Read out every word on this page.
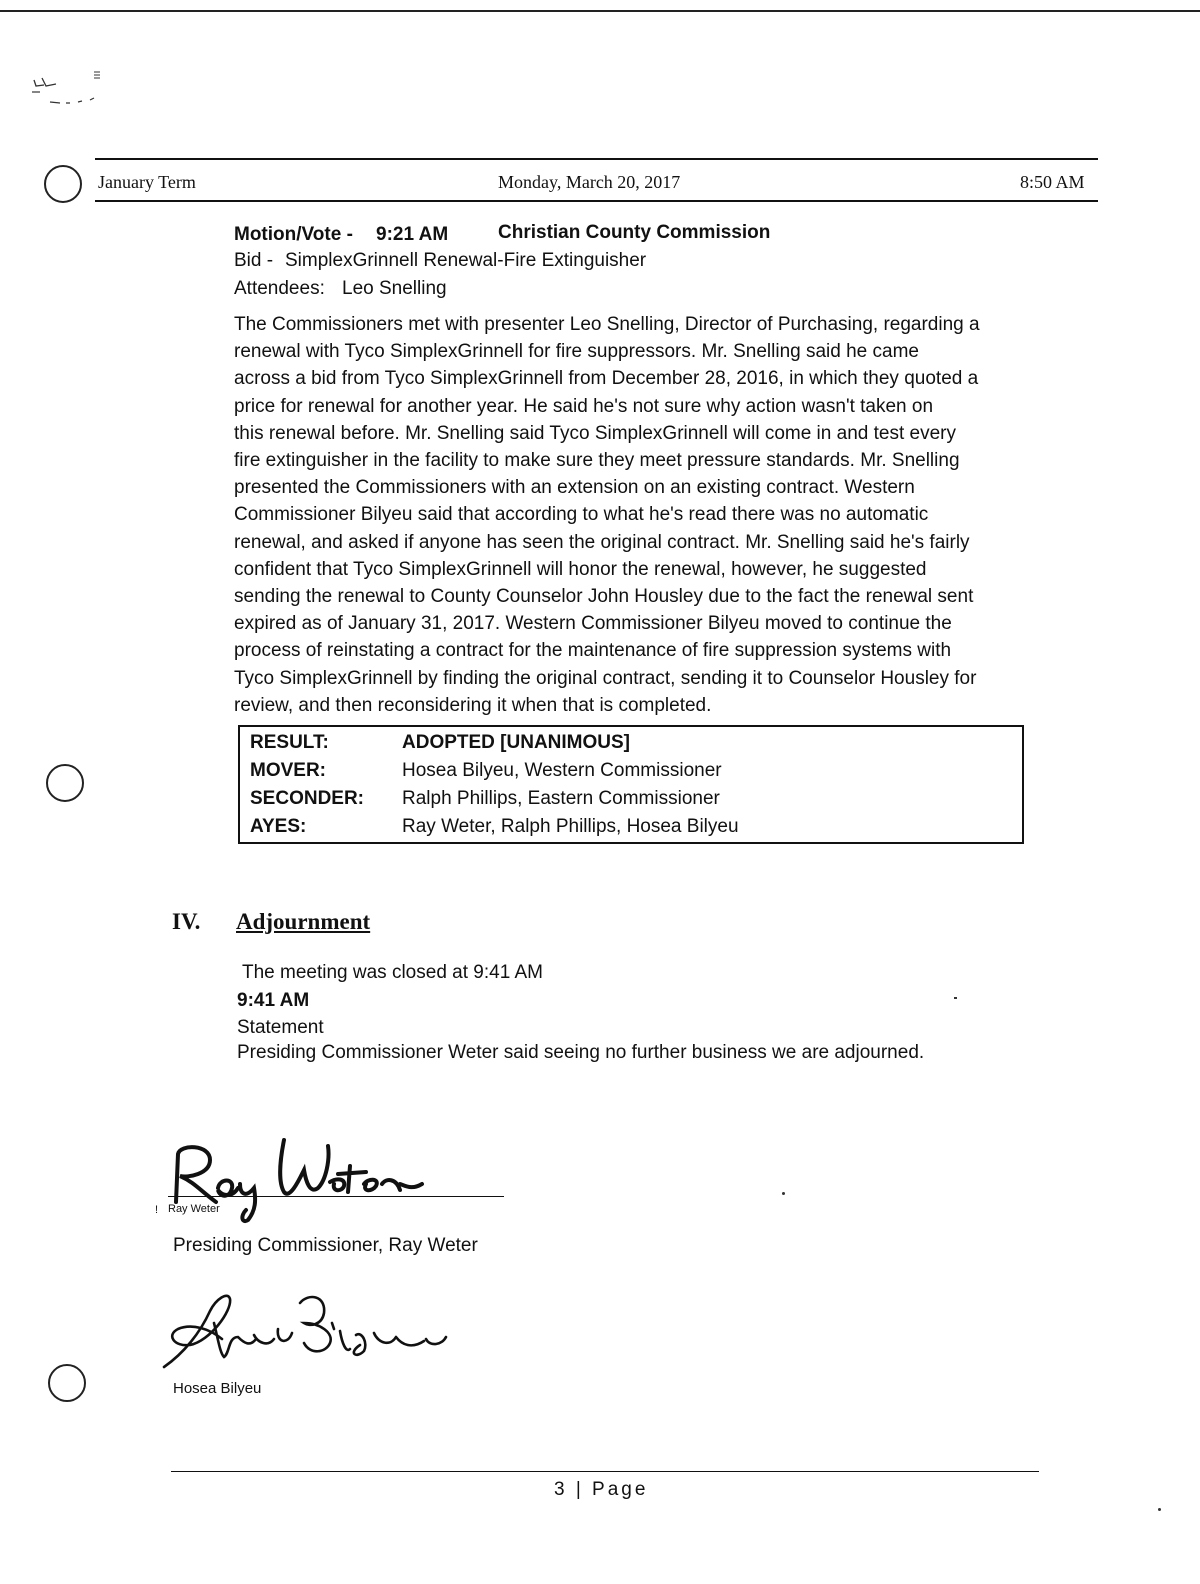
January Term	Monday, March 20, 2017	8:50 AM
Motion/Vote - 9:21 AM	Christian County Commission
Bid - SimplexGrinnell Renewal-Fire Extinguisher
Attendees: Leo Snelling
The Commissioners met with presenter Leo Snelling, Director of Purchasing, regarding a
renewal with Tyco SimplexGrinnell for fire suppressors. Mr. Snelling said he came
across a bid from Tyco SimplexGrinnell from December 28, 2016, in which they quoted a
price for renewal for another year. He said he's not sure why action wasn't taken on
this renewal before. Mr. Snelling said Tyco SimplexGrinnell will come in and test every
fire extinguisher in the facility to make sure they meet pressure standards. Mr. Snelling
presented the Commissioners with an extension on an existing contract. Western
Commissioner Bilyeu said that according to what he's read there was no automatic
renewal, and asked if anyone has seen the original contract. Mr. Snelling said he's fairly
confident that Tyco SimplexGrinnell will honor the renewal, however, he suggested
sending the renewal to County Counselor John Housley due to the fact the renewal sent
expired as of January 31, 2017. Western Commissioner Bilyeu moved to continue the
process of reinstating a contract for the maintenance of fire suppression systems with
Tyco SimplexGrinnell by finding the original contract, sending it to Counselor Housley for
review, and then reconsidering it when that is completed.
RESULT:	ADOPTED [UNANIMOUS]
MOVER:	Hosea Bilyeu, Western Commissioner
SECONDER: Ralph Phillips, Eastern Commissioner
AYES:	Ray Weter, Ralph Phillips, Hosea Bilyeu
IV. Adjournment
The meeting was closed at 9:41 AM
9:41 AM
Statement
Presiding Commissioner Weter said seeing no further business we are adjourned.
! Ray Weter
Presiding Commissioner, Ray Weter
Hosea Bilyeu
3 | Page
